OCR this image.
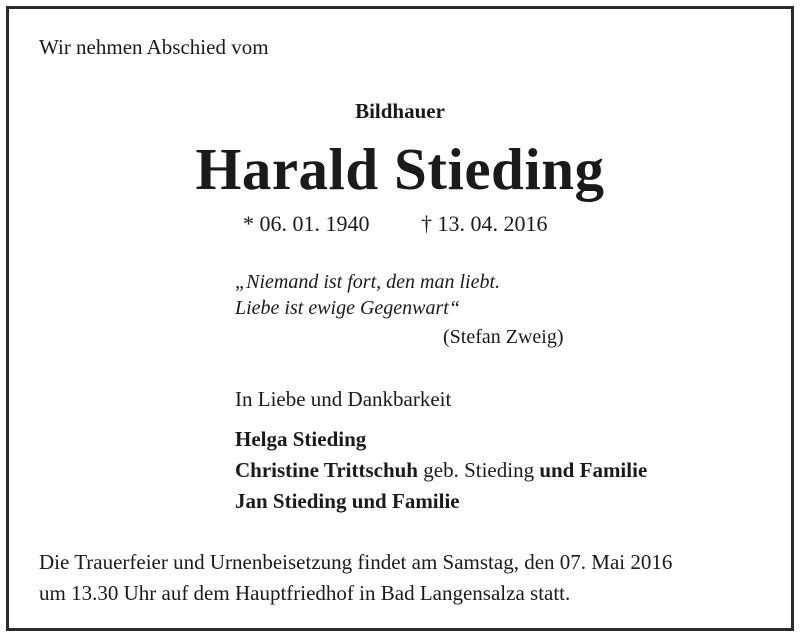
Wir nehmen Abschied vom
Bildhauer
Harald Stieding
* 06. 01. 1940 † 13. 04. 2016
„Niemand ist fort, den man liebt.
Liebe ist ewige Gegenwart“
(Stefan Zweig)
In Liebe und Dankbarkeit
Helga Stieding
Christine Trittschuh geb. Stieding und Familie
Jan Stieding und Familie
Die Trauerfeier und Urnenbeisetzung findet am Samstag, den 07. Mai 2016
um 13.30 Uhr auf dem Hauptfriedhof in Bad Langensalza statt.
